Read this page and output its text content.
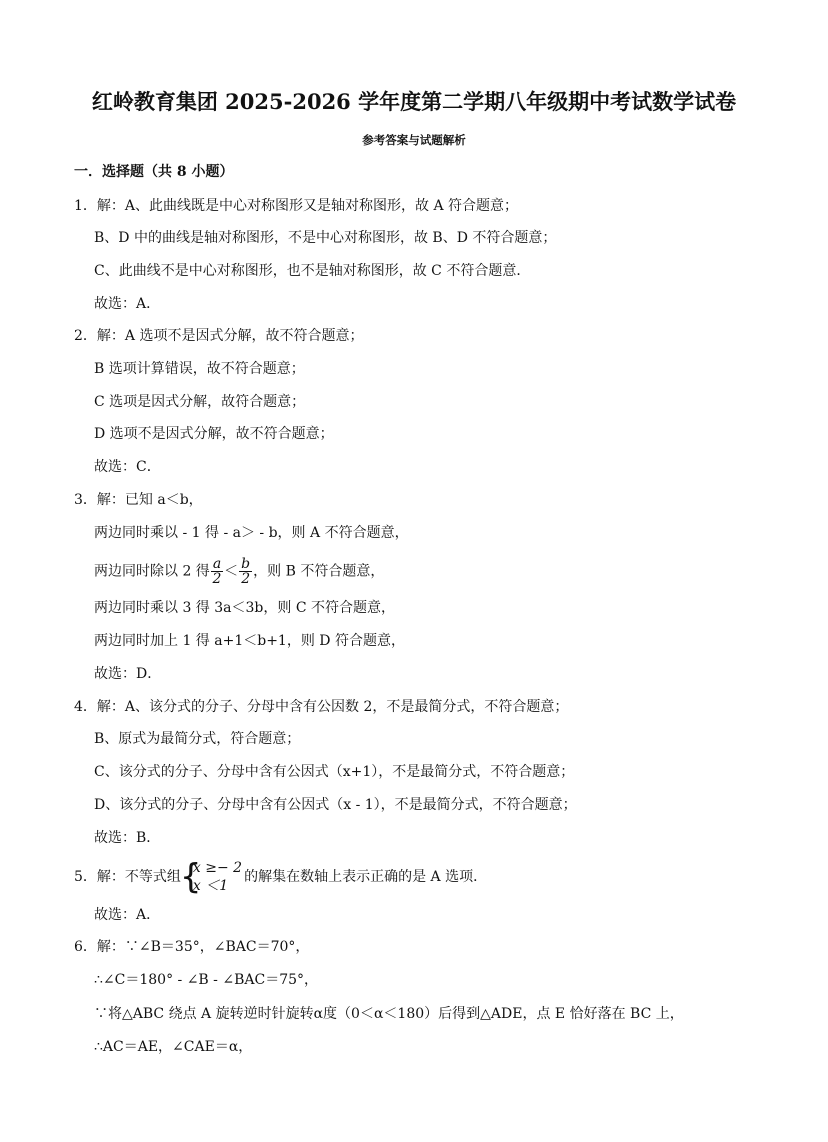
红岭教育集团 2025-2026 学年度第二学期八年级期中考试数学试卷
参考答案与试题解析
一．选择题（共 8 小题）
1．解：A、此曲线既是中心对称图形又是轴对称图形，故 A 符合题意；
B、D 中的曲线是轴对称图形，不是中心对称图形，故 B、D 不符合题意；
C、此曲线不是中心对称图形，也不是轴对称图形，故 C 不符合题意．
故选：A．
2．解：A 选项不是因式分解，故不符合题意；
B 选项计算错误，故不符合题意；
C 选项是因式分解，故符合题意；
D 选项不是因式分解，故不符合题意；
故选：C．
3．解：已知 a＜b，
两边同时乘以 - 1 得 - a＞ - b，则 A 不符合题意，
两边同时除以 2 得 $\frac{a}{2} < \frac{b}{2}$ ，则 B 不符合题意，
两边同时乘以 3 得 3a＜3b，则 C 不符合题意，
两边同时加上 1 得 a+1＜b+1，则 D 符合题意，
故选：D．
4．解：A、该分式的分子、分母中含有公因数 2，不是最简分式，不符合题意；
B、原式为最简分式，符合题意；
C、该分式的分子、分母中含有公因式（x+1），不是最简分式，不符合题意；
D、该分式的分子、分母中含有公因式（x - 1），不是最简分式，不符合题意；
故选：B．
5．解：不等式组 {
x ≥− 2
x ＜1
的解集在数轴上表示正确的是 A 选项．
故选：A．
6．解：∵∠B＝35°，∠BAC＝70°，
∴∠C＝180° - ∠B - ∠BAC＝75°，
∵将△ABC 绕点 A 旋转逆时针旋转α度（0＜α＜180）后得到△ADE，点 E 恰好落在 BC 上，
∴AC＝AE，∠CAE＝α，
